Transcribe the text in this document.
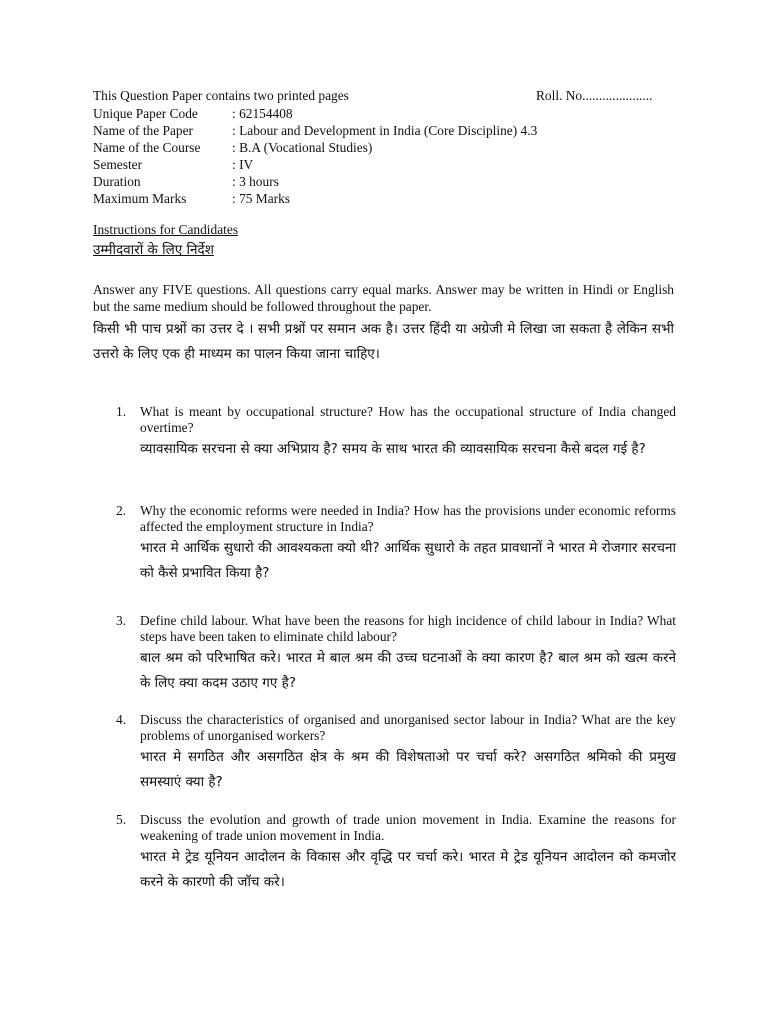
This Question Paper contains two printed pages	Roll. No.....................
Unique Paper Code	: 62154408
Name of the Paper	: Labour and Development in India (Core Discipline) 4.3
Name of the Course : B.A (Vocational Studies)
Semester	: IV
Duration	: 3 hours
Maximum Marks	: 75 Marks
Instructions for Candidates
उम्मीदवारों के लिए निर्देश
Answer any FIVE questions. All questions carry equal marks. Answer may be written in Hindi or English but the same medium should be followed throughout the paper.
किसी भी पाच प्रश्नों का उत्तर दे । सभी प्रश्नों पर समान अक है। उत्तर हिंदी या अग्रेजी मे लिखा जा सकता है लेकिन सभी उत्तरो के लिए एक ही माध्यम का पालन किया जाना चाहिए।
1. What is meant by occupational structure? How has the occupational structure of India changed overtime?
व्यावसायिक सरचना से क्या अभिप्राय है? समय के साथ भारत की व्यावसायिक सरचना कैसे बदल गई है?
2. Why the economic reforms were needed in India? How has the provisions under economic reforms affected the employment structure in India?
भारत मे आर्थिक सुधारो की आवश्यकता क्यो थी? आर्थिक सुधारो के तहत प्रावधानों ने भारत मे रोजगार सरचना को कैसे प्रभावित किया है?
3. Define child labour. What have been the reasons for high incidence of child labour in India? What steps have been taken to eliminate child labour?
बाल श्रम को परिभाषित करे। भारत मे बाल श्रम की उच्च घटनाओं के क्या कारण है? बाल श्रम को खत्म करने के लिए क्या कदम उठाए गए है?
4. Discuss the characteristics of organised and unorganised sector labour in India? What are the key problems of unorganised workers?
भारत मे सगठित और असगठित क्षेत्र के श्रम की विशेषताओ पर चर्चा करे? असगठित श्रमिको की प्रमुख समस्याएं क्या है?
5. Discuss the evolution and growth of trade union movement in India. Examine the reasons for weakening of trade union movement in India.
भारत मे ट्रेड यूनियन आदोलन के विकास और वृद्धि पर चर्चा करे। भारत मे ट्रेड यूनियन आदोलन को कमजोर करने के कारणो की जॉच करे।
